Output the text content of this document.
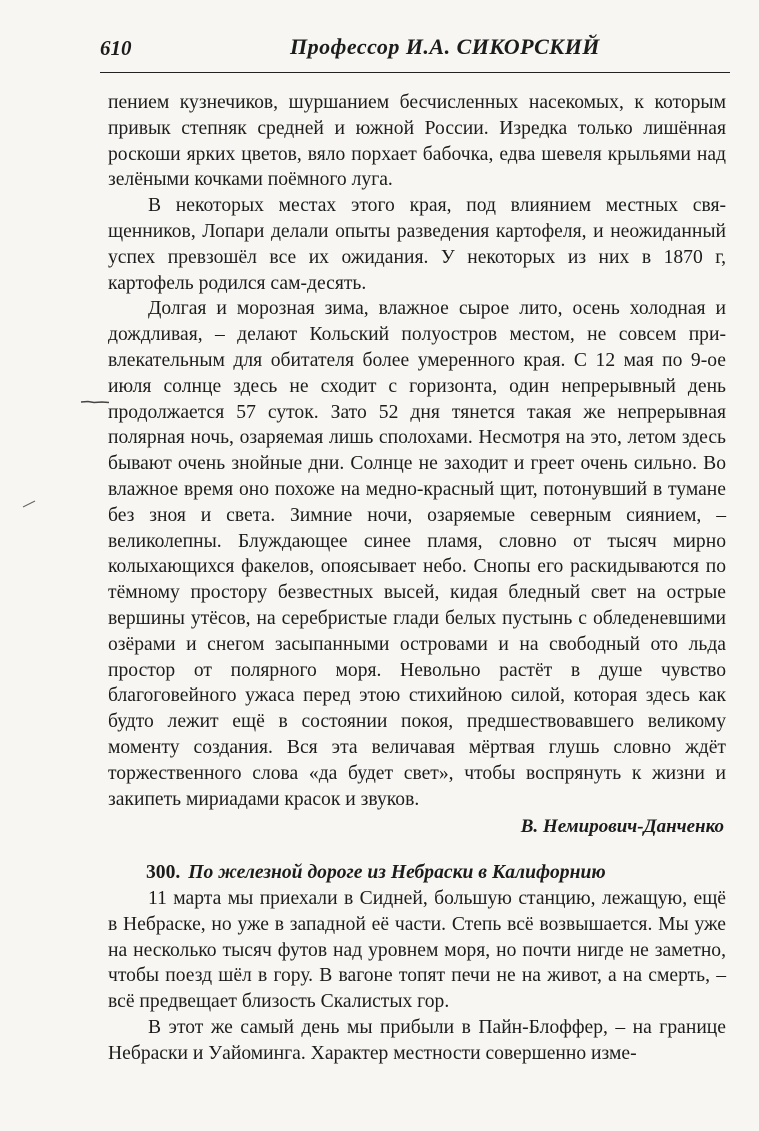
610	Профессор И.А. СИКОРСКИЙ

пением кузнечиков, шуршанием бесчисленных насекомых, к которым привык степняк средней и южной России. Изредка только лишённая роскоши ярких цветов, вяло порхает бабочка, едва шевеля крыльями над зелёными кочками поёмного луга.

В некоторых местах этого края, под влиянием местных священников, Лопари делали опыты разведения картофеля, и неожиданный успех превзошёл все их ожидания. У некоторых из них в 1870 г, картофель родился сам-десять.

Долгая и морозная зима, влажное сырое лито, осень холодная и дождливая, – делают Кольский полуостров местом, не совсем привлекательным для обитателя более умеренного края. С 12 мая по 9-ое июля солнце здесь не сходит с горизонта, один непрерывный день продолжается 57 суток. Зато 52 дня тянется такая же непрерывная полярная ночь, озаряемая лишь сполохами. Несмотря на это, летом здесь бывают очень знойные дни. Солнце не заходит и греет очень сильно. Во влажное время оно похоже на медно-красный щит, потонувший в тумане без зноя и света. Зимние ночи, озаряемые северным сиянием, – великолепны. Блуждающее синее пламя, словно от тысяч мирно колыхающихся факелов, опоясывает небо. Снопы его раскидываются по тёмному простору безвестных высей, кидая бледный свет на острые вершины утёсов, на серебристые глади белых пустынь с обледеневшими озёрами и снегом засыпанными островами и на свободный ото льда простор от полярного моря. Невольно растёт в душе чувство благоговейного ужаса перед этою стихийною силой, которая здесь как будто лежит ещё в состоянии покоя, предшествовавшего великому моменту создания. Вся эта величавая мёртвая глушь словно ждёт торжественного слова «да будет свет», чтобы воспрянуть к жизни и закипеть мириадами красок и звуков.

В. Немирович-Данченко

300. По железной дороге из Небраски в Калифорнию

11 марта мы приехали в Сидней, большую станцию, лежащую, ещё в Небраске, но уже в западной её части. Степь всё возвышается. Мы уже на несколько тысяч футов над уровнем моря, но почти нигде не заметно, чтобы поезд шёл в гору. В вагоне топят печи не на живот, а на смерть, – всё предвещает близость Скалистых гор.

В этот же самый день мы прибыли в Пайн-Блоффер, – на границе Небраски и Уайоминга. Характер местности совершенно изме-
